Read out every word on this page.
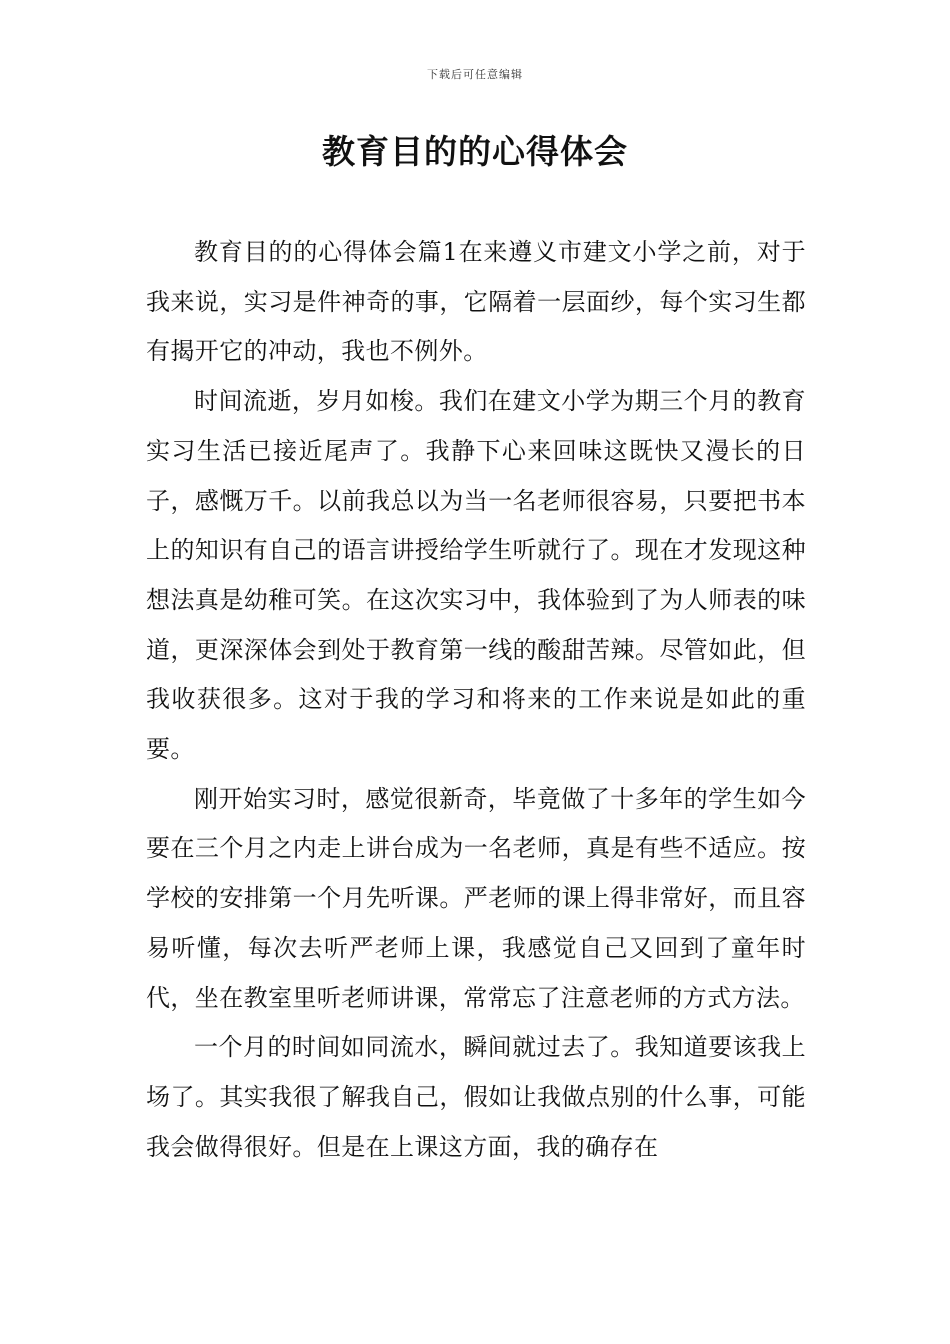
下载后可任意编辑
教育目的的心得体会

教育目的的心得体会篇1在来遵义市建文小学之前，对于我来说，实习是件神奇的事，它隔着一层面纱，每个实习生都有揭开它的冲动，我也不例外。

时间流逝，岁月如梭。我们在建文小学为期三个月的教育实习生活已接近尾声了。我静下心来回味这既快又漫长的日子，感慨万千。以前我总以为当一名老师很容易，只要把书本上的知识有自己的语言讲授给学生听就行了。现在才发现这种想法真是幼稚可笑。在这次实习中，我体验到了为人师表的味道，更深深体会到处于教育第一线的酸甜苦辣。尽管如此，但我收获很多。这对于我的学习和将来的工作来说是如此的重要。

刚开始实习时，感觉很新奇，毕竟做了十多年的学生如今要在三个月之内走上讲台成为一名老师，真是有些不适应。按学校的安排第一个月先听课。严老师的课上得非常好，而且容易听懂，每次去听严老师上课，我感觉自己又回到了童年时代，坐在教室里听老师讲课，常常忘了注意老师的方式方法。

一个月的时间如同流水，瞬间就过去了。我知道要该我上场了。其实我很了解我自己，假如让我做点别的什么事，可能我会做得很好。但是在上课这方面，我的确存在
